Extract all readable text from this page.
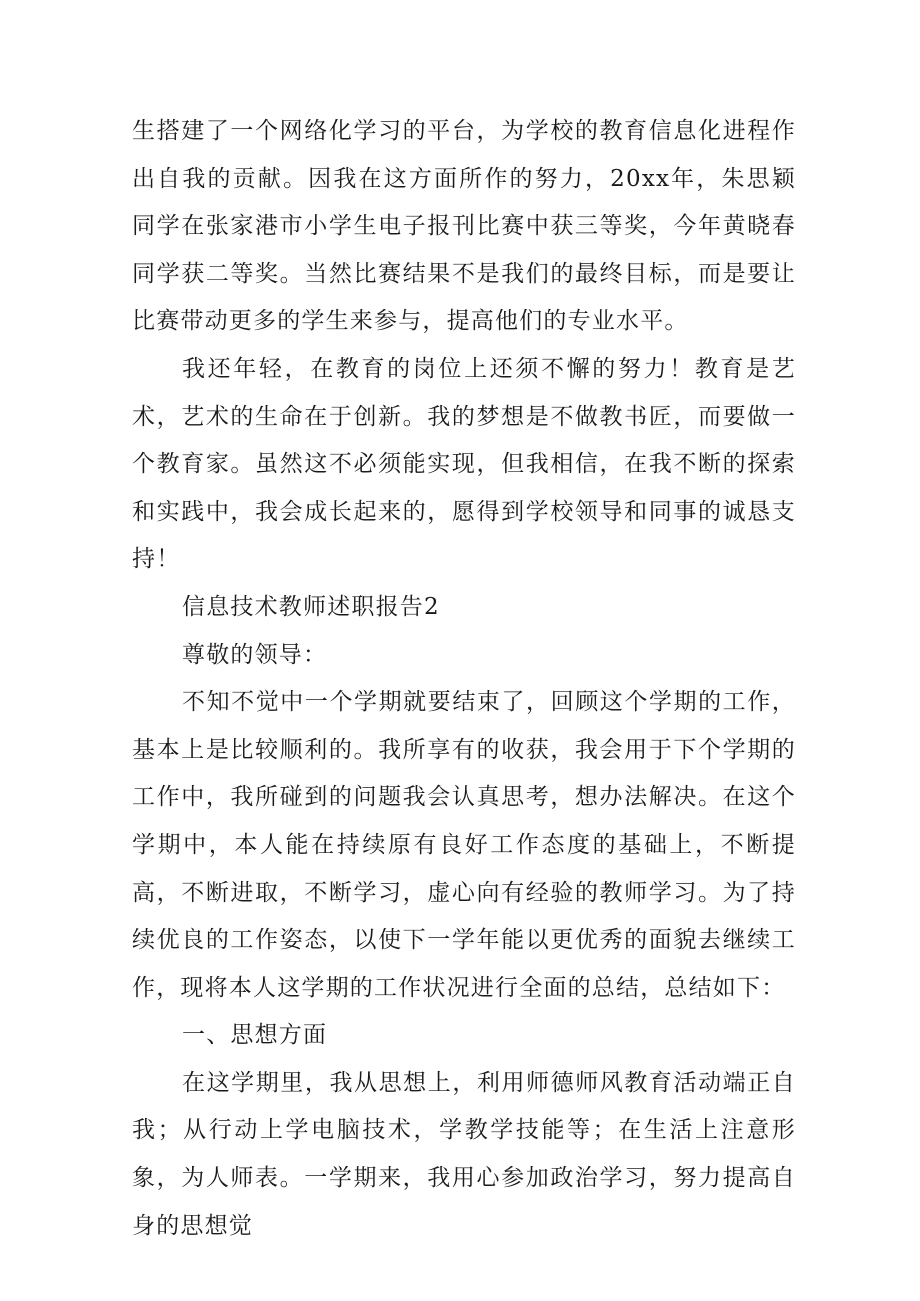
生搭建了一个网络化学习的平台，为学校的教育信息化进程作出自我的贡献。因我在这方面所作的努力，20xx年，朱思颖同学在张家港市小学生电子报刊比赛中获三等奖，今年黄晓春同学获二等奖。当然比赛结果不是我们的最终目标，而是要让比赛带动更多的学生来参与，提高他们的专业水平。

我还年轻，在教育的岗位上还须不懈的努力！教育是艺术，艺术的生命在于创新。我的梦想是不做教书匠，而要做一个教育家。虽然这不必须能实现，但我相信，在我不断的探索和实践中，我会成长起来的，愿得到学校领导和同事的诚恳支持！

信息技术教师述职报告2

尊敬的领导：

不知不觉中一个学期就要结束了，回顾这个学期的工作，基本上是比较顺利的。我所享有的收获，我会用于下个学期的工作中，我所碰到的问题我会认真思考，想办法解决。在这个学期中，本人能在持续原有良好工作态度的基础上，不断提高，不断进取，不断学习，虚心向有经验的教师学习。为了持续优良的工作姿态，以使下一学年能以更优秀的面貌去继续工作，现将本人这学期的工作状况进行全面的总结，总结如下：

一、思想方面

在这学期里，我从思想上，利用师德师风教育活动端正自我；从行动上学电脑技术，学教学技能等；在生活上注意形象，为人师表。一学期来，我用心参加政治学习，努力提高自身的思想觉
